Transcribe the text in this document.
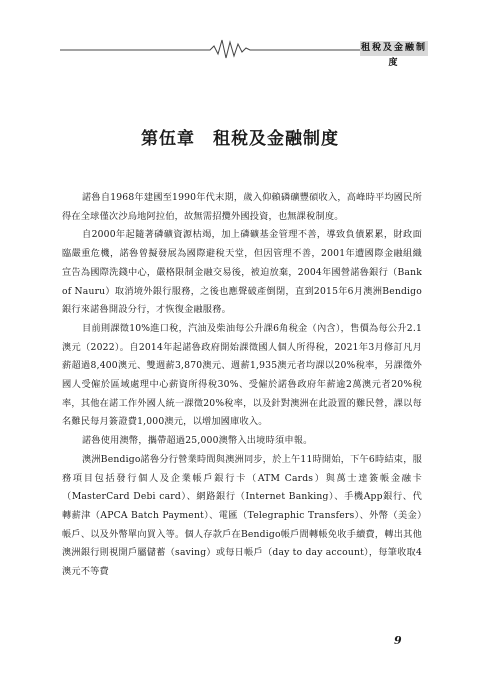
租稅及金融制度
第伍章　租稅及金融制度

諾魯自1968年建國至1990年代末期，歲入仰賴磷礦豐碩收入，高峰時平均國民所得在全球僅次沙烏地阿拉伯，故無需招攬外國投資，也無課稅制度。

自2000年起隨著磷礦資源枯竭，加上磷礦基金管理不善，導致負債累累，財政面臨嚴重危機，諾魯曾擬發展為國際避稅天堂，但因管理不善，2001年遭國際金融組織宣告為國際洗錢中心，嚴格限制金融交易後，被迫放棄，2004年國營諾魯銀行（Bank of Nauru）取消境外銀行服務，之後也應聲破產倒閉，直到2015年6月澳洲Bendigo銀行來諾魯開設分行，才恢復金融服務。

目前則課徵10%進口稅，汽油及柴油每公升課6角稅金（內含），售價為每公升2.1澳元（2022）。自2014年起諾魯政府開始課徵國人個人所得稅，2021年3月修訂凡月薪超過8,400澳元、雙週薪3,870澳元、週薪1,935澳元者均課以20%稅率，另課徵外國人受僱於區域處理中心薪資所得稅30%、受僱於諾魯政府年薪逾2萬澳元者20%稅率，其他在諾工作外國人統一課徵20%稅率，以及針對澳洲在此設置的難民營，課以每名難民每月簽證費1,000澳元，以增加國庫收入。

諾魯使用澳幣，攜帶超過25,000澳幣入出境時須申報。

澳洲Bendigo諾魯分行營業時間與澳洲同步，於上午11時開始，下午6時結束，服務項目包括發行個人及企業帳戶銀行卡（ATM Cards）與萬士達簽帳金融卡（MasterCard Debi card）、網路銀行（Internet Banking）、手機App銀行、代轉薪津（APCA Batch Payment）、電匯（Telegraphic Transfers）、外幣（美金）帳戶、以及外幣單向買入等。個人存款戶在Bendigo帳戶間轉帳免收手續費，轉出其他澳洲銀行則視開戶屬儲蓄（saving）或每日帳戶（day to day account），每筆收取4澳元不等費

9
